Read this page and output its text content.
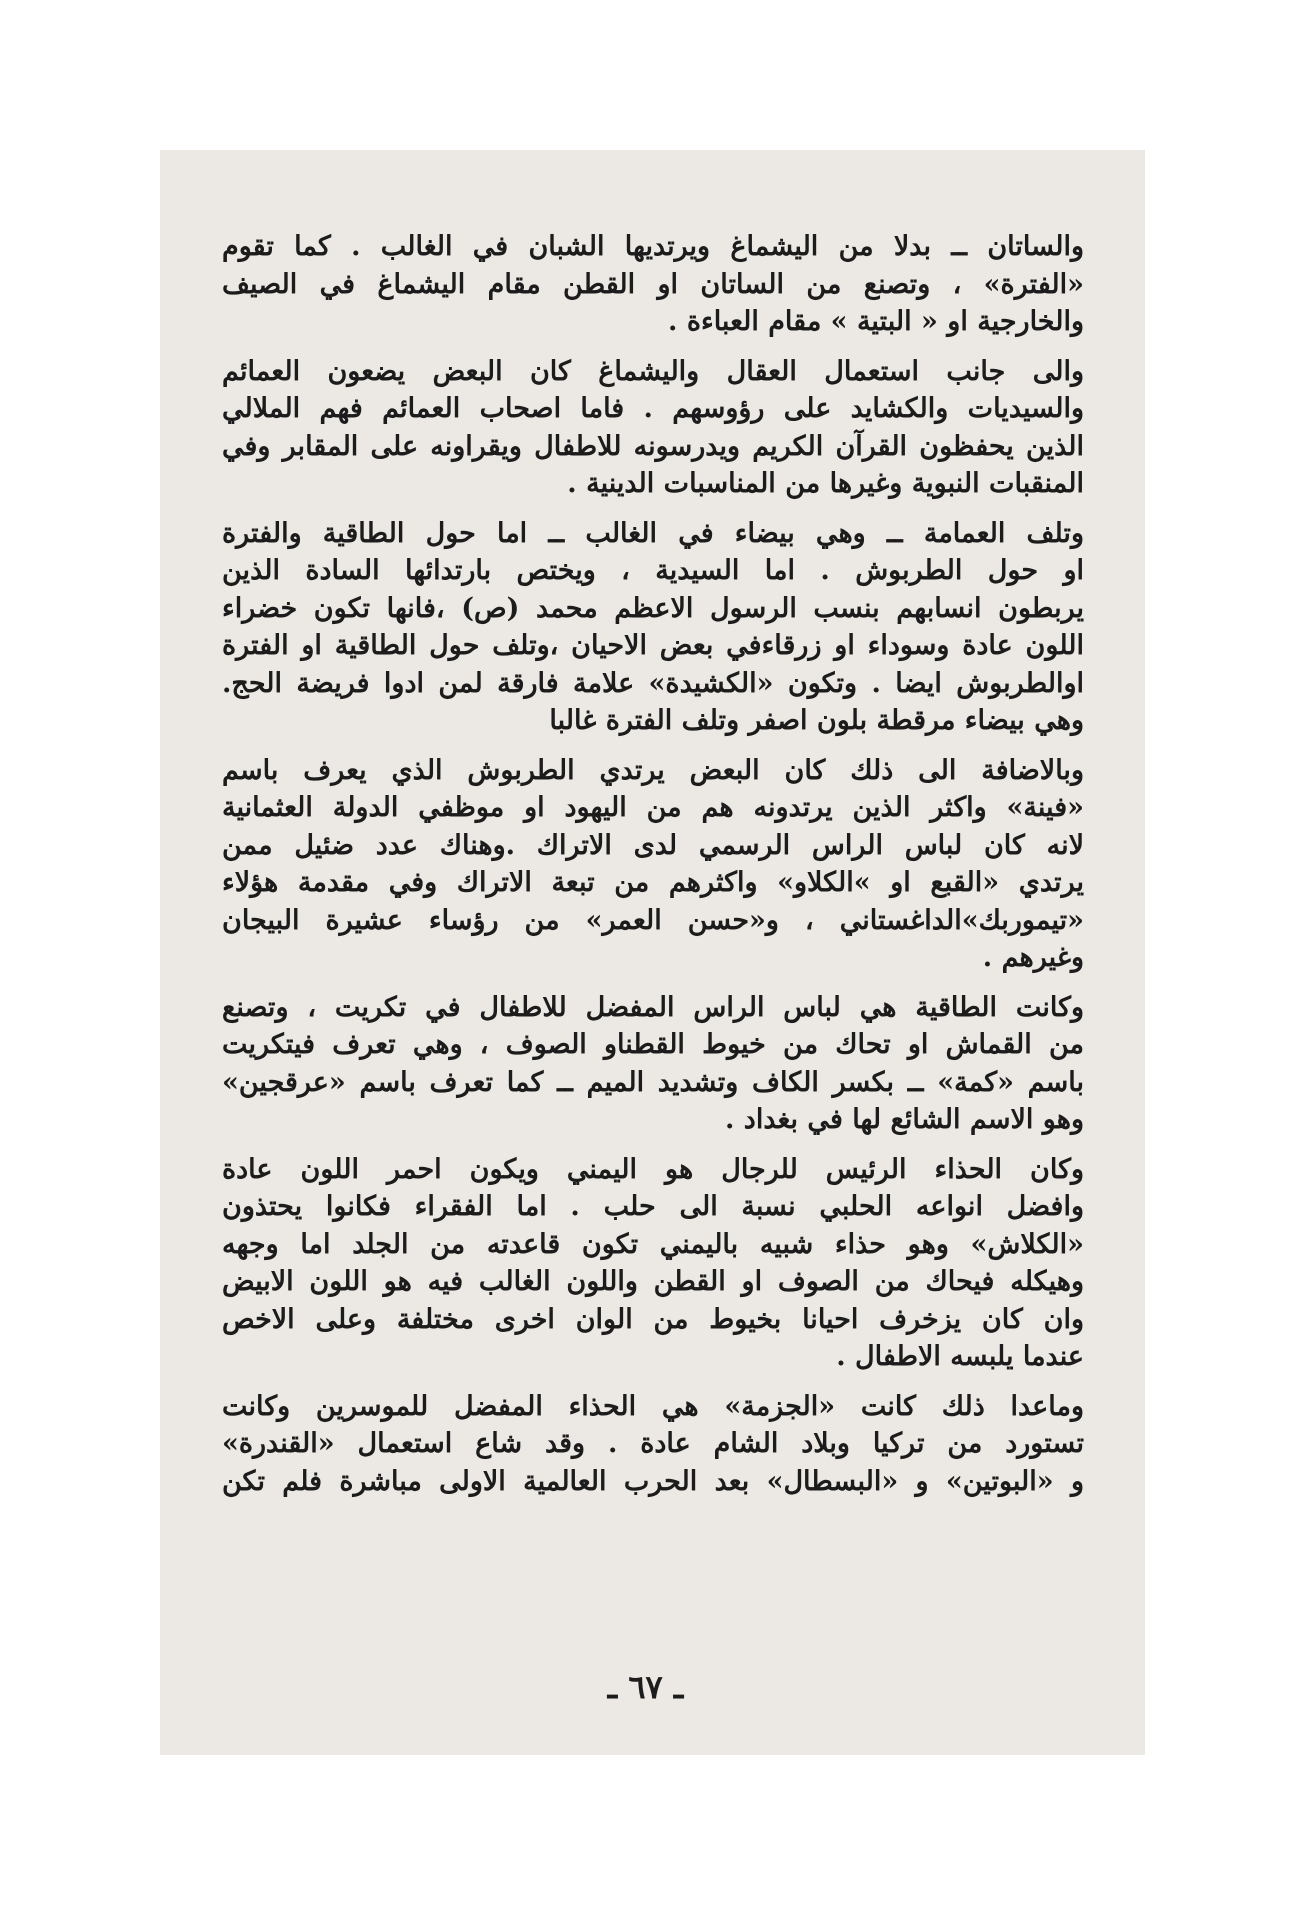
والساتان ــ بدلا من اليشماغ ويرتديها الشبان في الغالب . كما تقوم
«الفترة» ، وتصنع من الساتان او القطن مقام اليشماغ في الصيف
والخارجية او « البتية » مقام العباءة .

والى جانب استعمال العقال واليشماغ كان البعض يضعون العمائم
والسيديات والكشايد على رؤوسهم . فاما اصحاب العمائم فهم الملالي
الذين يحفظون القرآن الكريم ويدرسونه للاطفال ويقراونه على المقابر وفي
المنقبات النبوية وغيرها من المناسبات الدينية .

وتلف العمامة ــ وهي بيضاء في الغالب ــ اما حول الطاقية والفترة
او حول الطربوش . اما السيدية ، ويختص بارتدائها السادة الذين
يربطون انسابهم بنسب الرسول الاعظم محمد (ص) ،فانها تكون خضراء
اللون عادة وسوداء او زرقاءفي بعض الاحيان ،وتلف حول الطاقية او الفترة
اوالطربوش ايضا . وتكون «الكشيدة» علامة فارقة لمن ادوا فريضة الحج.
وهي بيضاء مرقطة بلون اصفر وتلف الفترة غالبا

وبالاضافة الى ذلك كان البعض يرتدي الطربوش الذي يعرف باسم
«فينة» واكثر الذين يرتدونه هم من اليهود او موظفي الدولة العثمانية
لانه كان لباس الراس الرسمي لدى الاتراك .وهناك عدد ضئيل ممن
يرتدي «القبع او »الكلاو» واكثرهم من تبعة الاتراك وفي مقدمة هؤلاء
«تيموربك»الداغستاني ، و«حسن العمر» من رؤساء عشيرة البيجان
وغيرهم .

وكانت الطاقية هي لباس الراس المفضل للاطفال في تكريت ، وتصنع
من القماش او تحاك من خيوط القطناو الصوف ، وهي تعرف فيتكريت
باسم «كمة» ــ بكسر الكاف وتشديد الميم ــ كما تعرف باسم «عرقجين»
وهو الاسم الشائع لها في بغداد .

وكان الحذاء الرئيس للرجال هو اليمني ويكون احمر اللون عادة
وافضل انواعه الحلبي نسبة الى حلب . اما الفقراء فكانوا يحتذون
«الكلاش» وهو حذاء شبيه باليمني تكون قاعدته من الجلد اما وجهه
وهيكله فيحاك من الصوف او القطن واللون الغالب فيه هو اللون الابيض
وان كان يزخرف احيانا بخيوط من الوان اخرى مختلفة وعلى الاخص
عندما يلبسه الاطفال .

وماعدا ذلك كانت «الجزمة» هي الحذاء المفضل للموسرين وكانت
تستورد من تركيا وبلاد الشام عادة . وقد شاع استعمال «القندرة»
و «البوتين» و «البسطال» بعد الحرب العالمية الاولى مباشرة فلم تكن

ـ ٦٧ ـ
